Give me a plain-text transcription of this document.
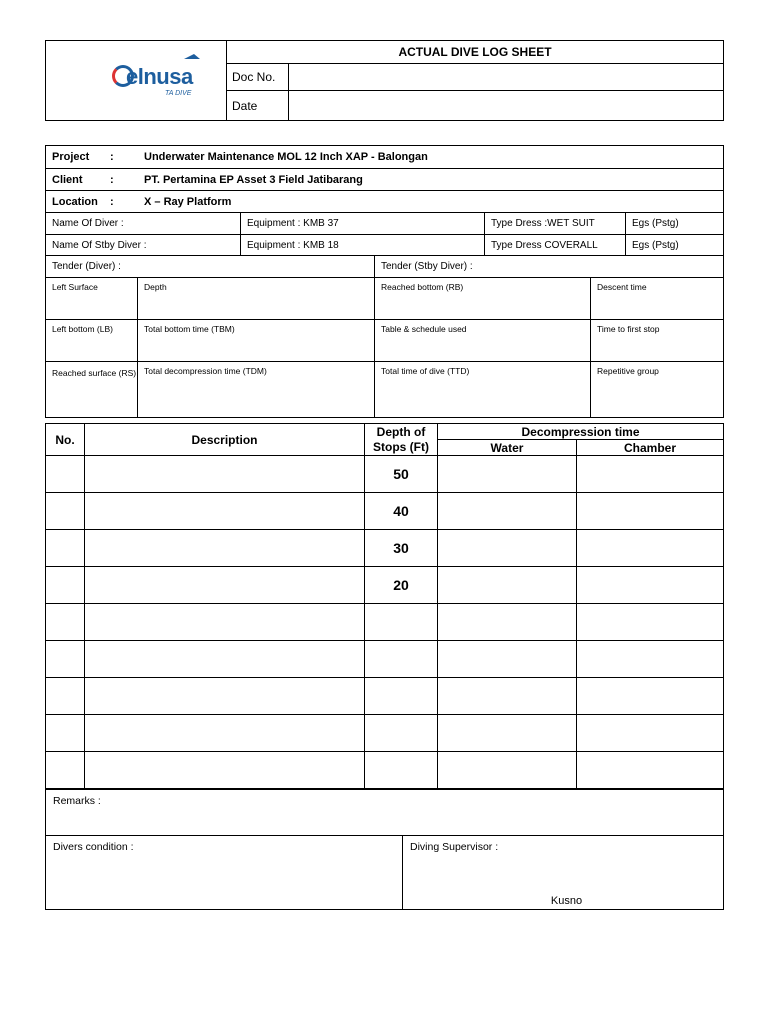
elnusa
TA DIVE	ACTUAL DIVE LOG SHEET	
	Doc No.	
	Date	
Project : Underwater Maintenance MOL 12 Inch XAP - Balongan						
Client : PT. Pertamina EP Asset 3 Field Jatibarang						
Location : X – Ray Platform						
Name Of Diver :		Equipment : KMB 37		Type Dress :WET SUIT		Egs (Pstg)
Name Of Stby Diver :		Equipment : KMB 18		Type Dress COVERALL		Egs (Pstg)
Tender (Diver) :			Tender (Stby Diver) :			
Left Surface	Depth		Reached bottom (RB)		Descent time	
Left bottom (LB)	Total bottom time (TBM)		Table & schedule used		Time to first stop	
Reached surface (RS)	Total decompression time (TDM)		Total time of dive (TTD)		Repetitive group	
No.	Description	Depth of Stops (Ft)	Decompression time	
			Water	Chamber
		50		
		40		
		30		
		20		

Remarks :
Divers condition :	Diving Supervisor :
Kusno
